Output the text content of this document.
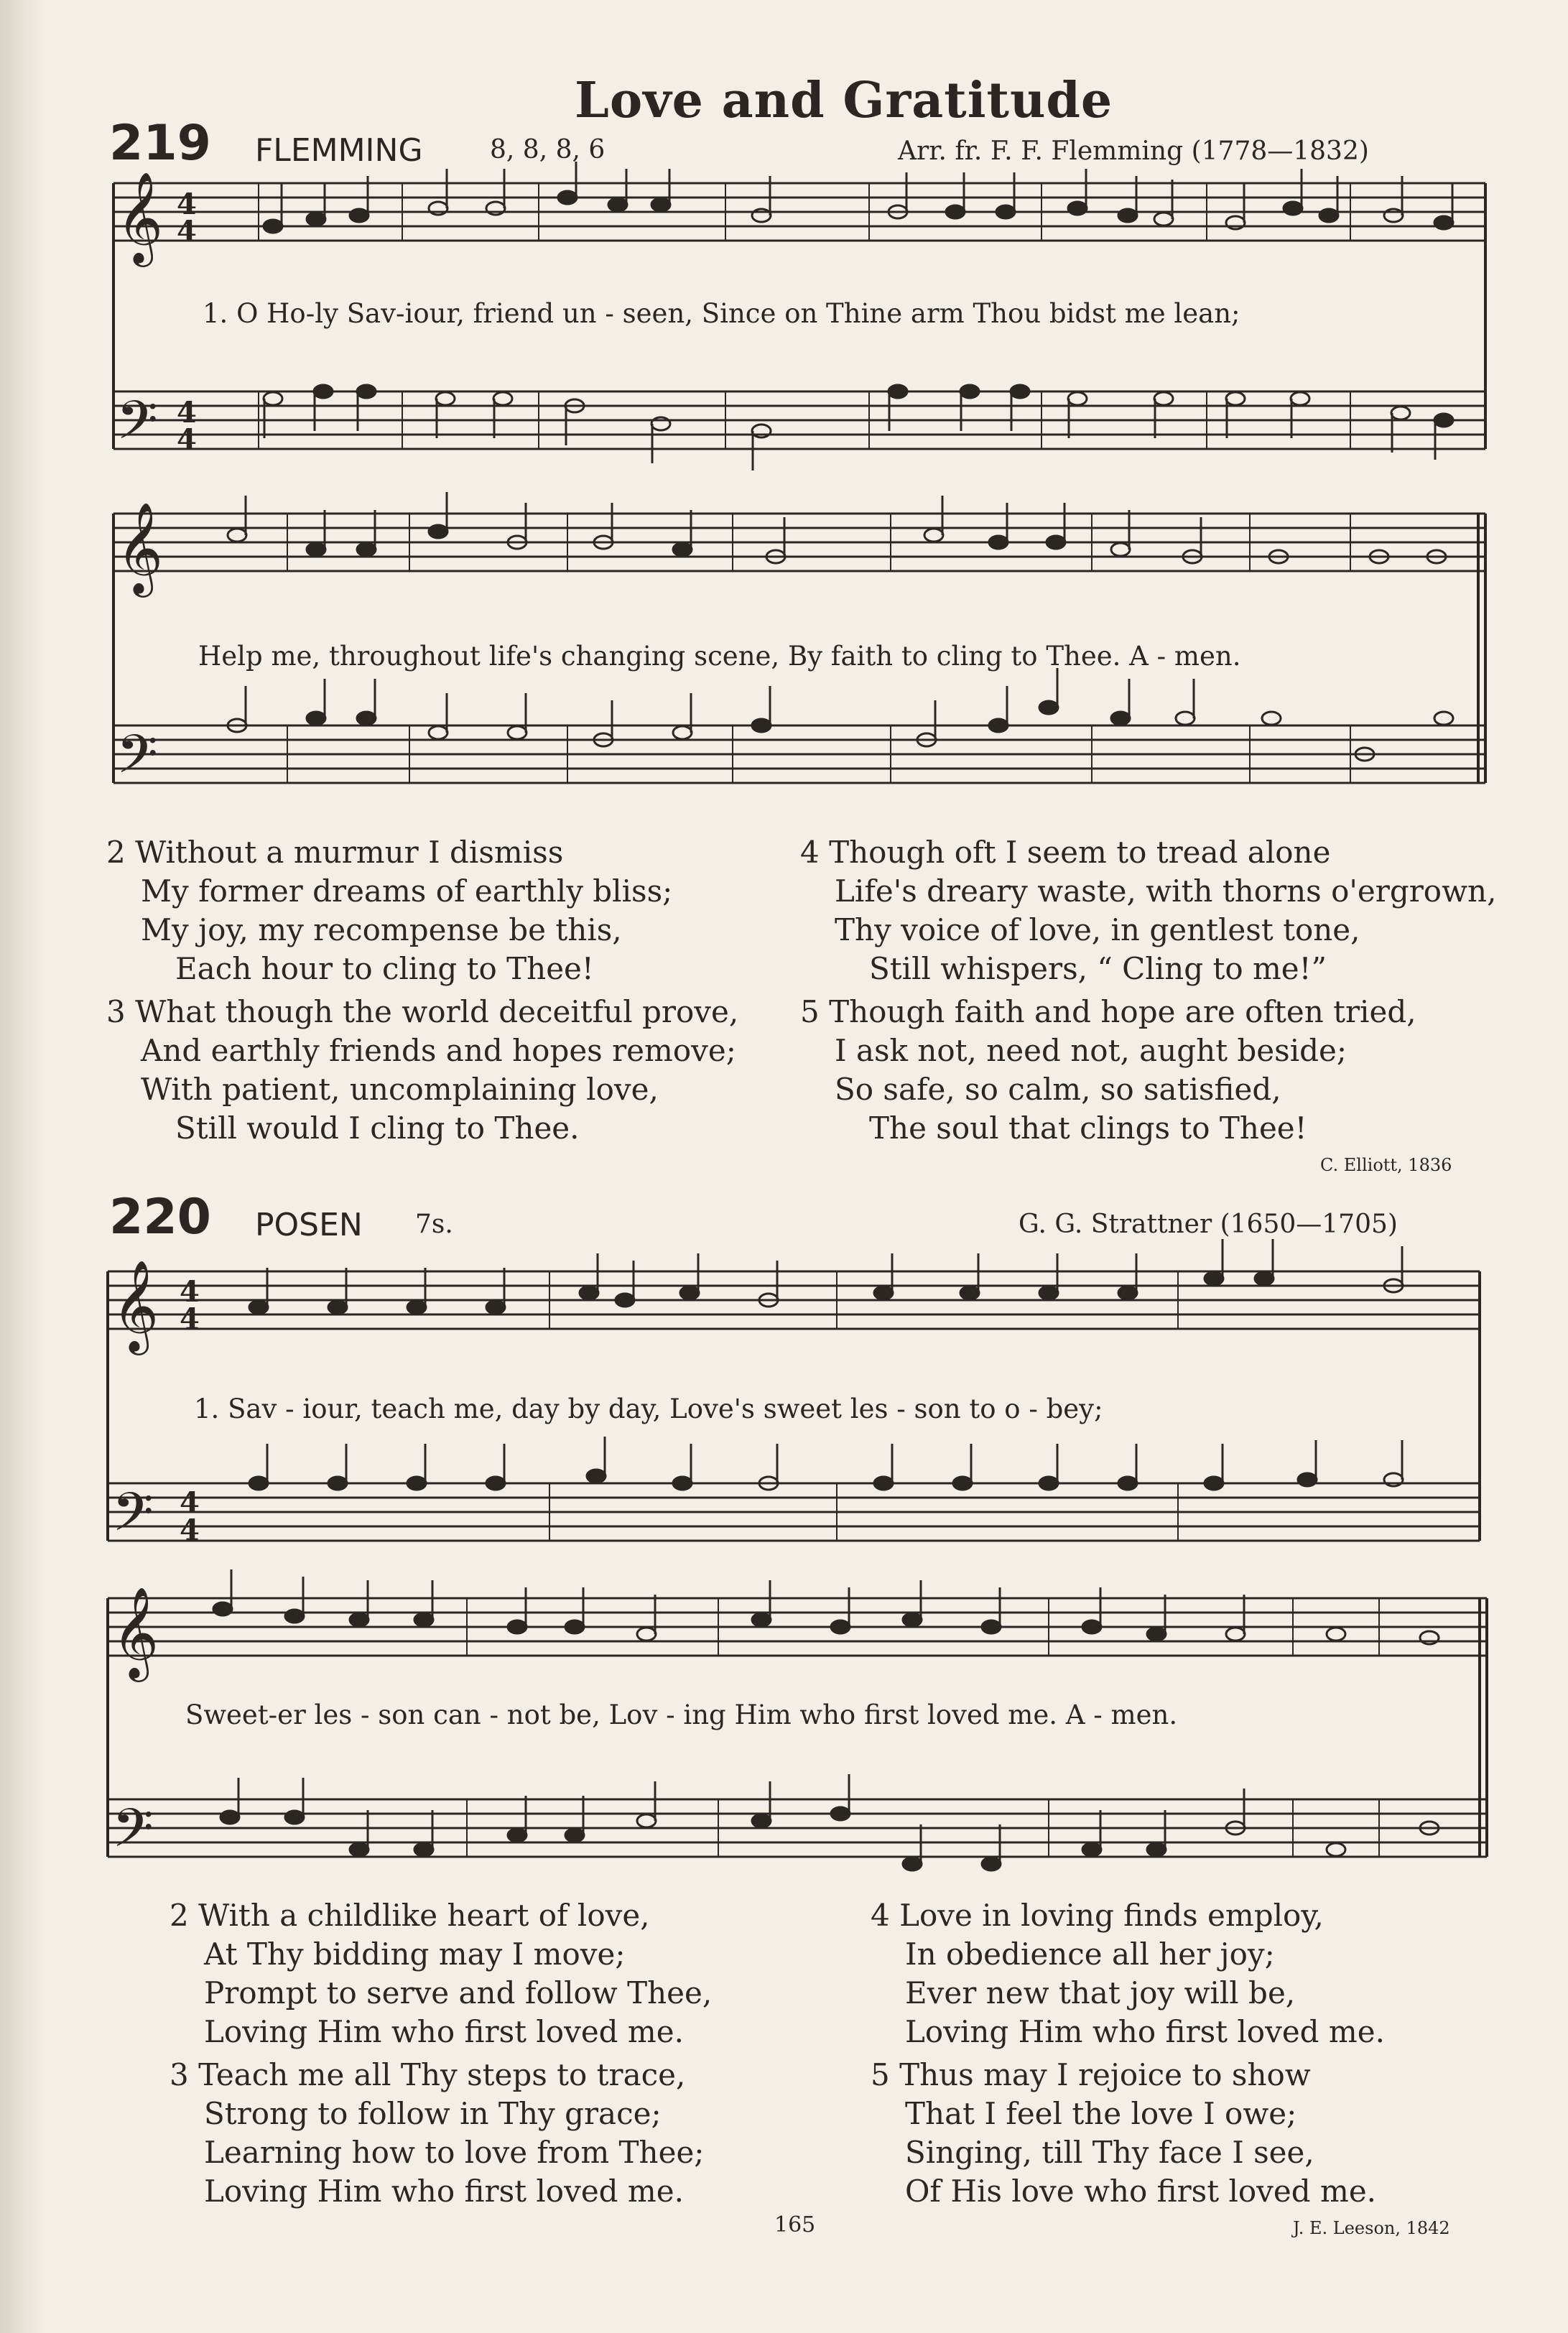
Love and Gratitude
219 FLEMMING	8, 8, 8, 6	Arr. fr. F. F. Flemming (1778—1832)
𝄞
𝄢
𝄞
𝄢
4
4
4
4
1. O Ho-ly Sav-iour, friend un - seen, Since on Thine arm Thou bidst me lean;
Help me, throughout life's changing scene, By faith to cling to Thee. A - men.
2 Without a murmur I dismiss
My former dreams of earthly bliss;
My joy, my recompense be this,
Each hour to cling to Thee!
3 What though the world deceitful prove,
And earthly friends and hopes remove;
With patient, uncomplaining love,
Still would I cling to Thee.
4 Though oft I seem to tread alone
Life's dreary waste, with thorns o'ergrown,
Thy voice of love, in gentlest tone,
Still whispers, “ Cling to me!”
5 Though faith and hope are often tried,
I ask not, need not, aught beside;
So safe, so calm, so satisfied,
The soul that clings to Thee!
C. Elliott, 1836
220 POSEN 7s.	G. G. Strattner (1650—1705)
𝄞
𝄢
𝄞
𝄢
4
4
4
4
1. Sav - iour, teach me, day by day, Love's sweet les - son to o - bey;
Sweet-er les - son can - not be, Lov - ing Him who first loved me. A - men.
2 With a childlike heart of love,
At Thy bidding may I move;
Prompt to serve and follow Thee,
Loving Him who first loved me.
3 Teach me all Thy steps to trace,
Strong to follow in Thy grace;
Learning how to love from Thee;
Loving Him who first loved me.
4 Love in loving finds employ,
In obedience all her joy;
Ever new that joy will be,
Loving Him who first loved me.
5 Thus may I rejoice to show
That I feel the love I owe;
Singing, till Thy face I see,
Of His love who first loved me.
165	J. E. Leeson, 1842
